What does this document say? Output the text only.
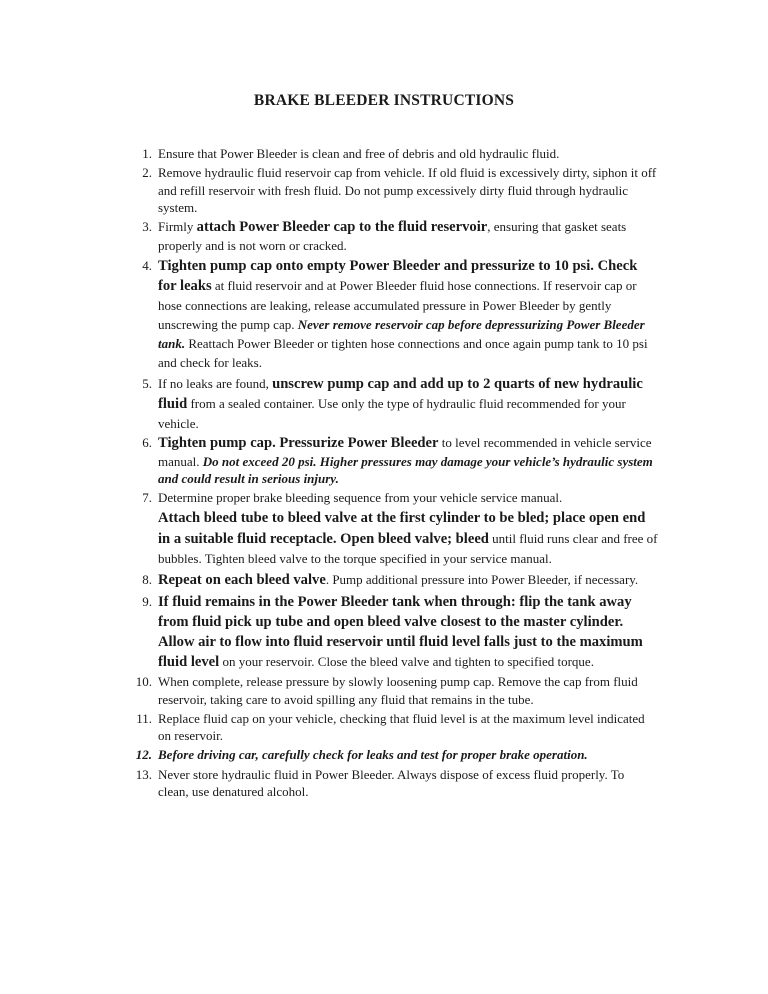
BRAKE BLEEDER INSTRUCTIONS
1. Ensure that Power Bleeder is clean and free of debris and old hydraulic fluid.
2. Remove hydraulic fluid reservoir cap from vehicle. If old fluid is excessively dirty, siphon it off and refill reservoir with fresh fluid. Do not pump excessively dirty fluid through hydraulic system.
3. Firmly attach Power Bleeder cap to the fluid reservoir, ensuring that gasket seats properly and is not worn or cracked.
4. Tighten pump cap onto empty Power Bleeder and pressurize to 10 psi. Check for leaks at fluid reservoir and at Power Bleeder fluid hose connections. If reservoir cap or hose connections are leaking, release accumulated pressure in Power Bleeder by gently unscrewing the pump cap. Never remove reservoir cap before depressurizing Power Bleeder tank. Reattach Power Bleeder or tighten hose connections and once again pump tank to 10 psi and check for leaks.
5. If no leaks are found, unscrew pump cap and add up to 2 quarts of new hydraulic fluid from a sealed container. Use only the type of hydraulic fluid recommended for your vehicle.
6. Tighten pump cap. Pressurize Power Bleeder to level recommended in vehicle service manual. Do not exceed 20 psi. Higher pressures may damage your vehicle’s hydraulic system and could result in serious injury.
7. Determine proper brake bleeding sequence from your vehicle service manual.
Attach bleed tube to bleed valve at the first cylinder to be bled; place open end in a suitable fluid receptacle. Open bleed valve; bleed until fluid runs clear and free of bubbles. Tighten bleed valve to the torque specified in your service manual.
8. Repeat on each bleed valve. Pump additional pressure into Power Bleeder, if necessary.
9. If fluid remains in the Power Bleeder tank when through: flip the tank away from fluid pick up tube and open bleed valve closest to the master cylinder. Allow air to flow into fluid reservoir until fluid level falls just to the maximum fluid level on your reservoir. Close the bleed valve and tighten to specified torque.
10. When complete, release pressure by slowly loosening pump cap. Remove the cap from fluid reservoir, taking care to avoid spilling any fluid that remains in the tube.
11. Replace fluid cap on your vehicle, checking that fluid level is at the maximum level indicated on reservoir.
12. Before driving car, carefully check for leaks and test for proper brake operation.
13. Never store hydraulic fluid in Power Bleeder. Always dispose of excess fluid properly. To clean, use denatured alcohol.
